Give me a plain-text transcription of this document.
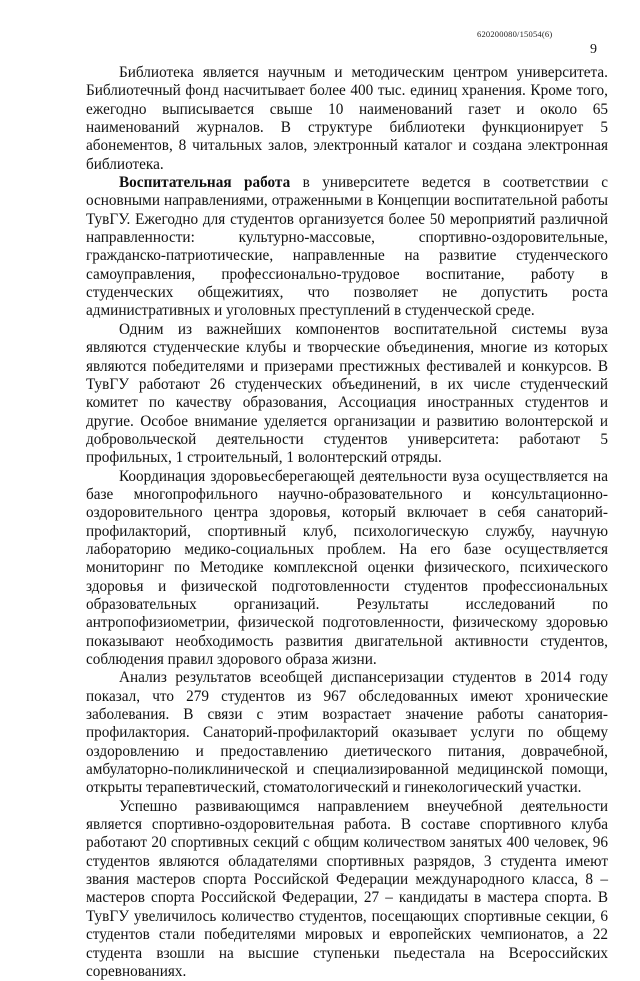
620200080/15054(6)
9

Библиотека является научным и методическим центром университета. Библиотечный фонд насчитывает более 400 тыс. единиц хранения. Кроме того, ежегодно выписывается свыше 10 наименований газет и около 65 наименований журналов. В структуре библиотеки функционирует 5 абонементов, 8 читальных залов, электронный каталог и создана электронная библиотека.

Воспитательная работа в университете ведется в соответствии с основными направлениями, отраженными в Концепции воспитательной работы ТувГУ. Ежегодно для студентов организуется более 50 мероприятий различной направленности: культурно-массовые, спортивно-оздоровительные, гражданско-патриотические, направленные на развитие студенческого самоуправления, профессионально-трудовое воспитание, работу в студенческих общежитиях, что позволяет не допустить роста административных и уголовных преступлений в студенческой среде.

Одним из важнейших компонентов воспитательной системы вуза являются студенческие клубы и творческие объединения, многие из которых являются победителями и призерами престижных фестивалей и конкурсов. В ТувГУ работают 26 студенческих объединений, в их числе студенческий комитет по качеству образования, Ассоциация иностранных студентов и другие. Особое внимание уделяется организации и развитию волонтерской и добровольческой деятельности студентов университета: работают 5 профильных, 1 строительный, 1 волонтерский отряды.

Координация здоровьесберегающей деятельности вуза осуществляется на базе многопрофильного научно-образовательного и консультационно-оздоровительного центра здоровья, который включает в себя санаторий-профилакторий, спортивный клуб, психологическую службу, научную лабораторию медико-социальных проблем. На его базе осуществляется мониторинг по Методике комплексной оценки физического, психического здоровья и физической подготовленности студентов профессиональных образовательных организаций. Результаты исследований по антропофизиометрии, физической подготовленности, физическому здоровью показывают необходимость развития двигательной активности студентов, соблюдения правил здорового образа жизни.

Анализ результатов всеобщей диспансеризации студентов в 2014 году показал, что 279 студентов из 967 обследованных имеют хронические заболевания. В связи с этим возрастает значение работы санатория-профилактория. Санаторий-профилакторий оказывает услуги по общему оздоровлению и предоставлению диетического питания, доврачебной, амбулаторно-поликлинической и специализированной медицинской помощи, открыты терапевтический, стоматологический и гинекологический участки.

Успешно развивающимся направлением внеучебной деятельности является спортивно-оздоровительная работа. В составе спортивного клуба работают 20 спортивных секций с общим количеством занятых 400 человек, 96 студентов являются обладателями спортивных разрядов, 3 студента имеют звания мастеров спорта Российской Федерации международного класса, 8 – мастеров спорта Российской Федерации, 27 – кандидаты в мастера спорта. В ТувГУ увеличилось количество студентов, посещающих спортивные секции, 6 студентов стали победителями мировых и европейских чемпионатов, а 22 студента взошли на высшие ступеньки пьедестала на Всероссийских соревнованиях.
